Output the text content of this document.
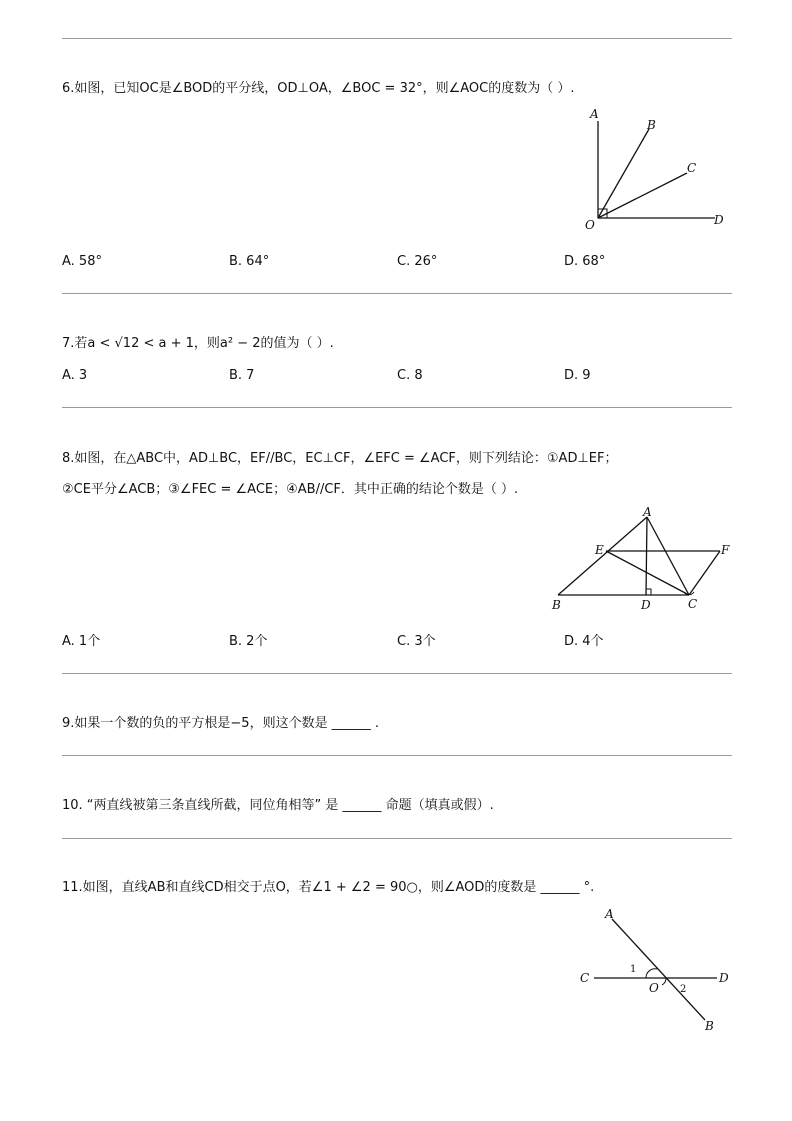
6.如图，已知OC是∠BOD的平分线，OD⊥OA，∠BOC = 32°，则∠AOC的度数为（ ）.
A
B
C
D
O
A. 58°	B. 64°	C. 26°	D. 68°
7.若a < √12 < a + 1，则a² − 2的值为（ ）.
A. 3	B. 7	C. 8	D. 9
8.如图，在△ABC中，AD⊥BC，EF//BC，EC⊥CF，∠EFC = ∠ACF，则下列结论：①AD⊥EF；
②CE平分∠ACB；③∠FEC = ∠ACE；④AB//CF．其中正确的结论个数是（ ）.
A
E	F
B	D	C
A. 1个	B. 2个	C. 3个	D. 4个
9.如果一个数的负的平方根是−5，则这个数是 ______ .
10. “两直线被第三条直线所截，同位角相等” 是 ______ 命题（填真或假）.
11.如图，直线AB和直线CD相交于点O，若∠1 + ∠2 = 90○，则∠AOD的度数是 ______ °.
A
C	D
O
B
1
2
